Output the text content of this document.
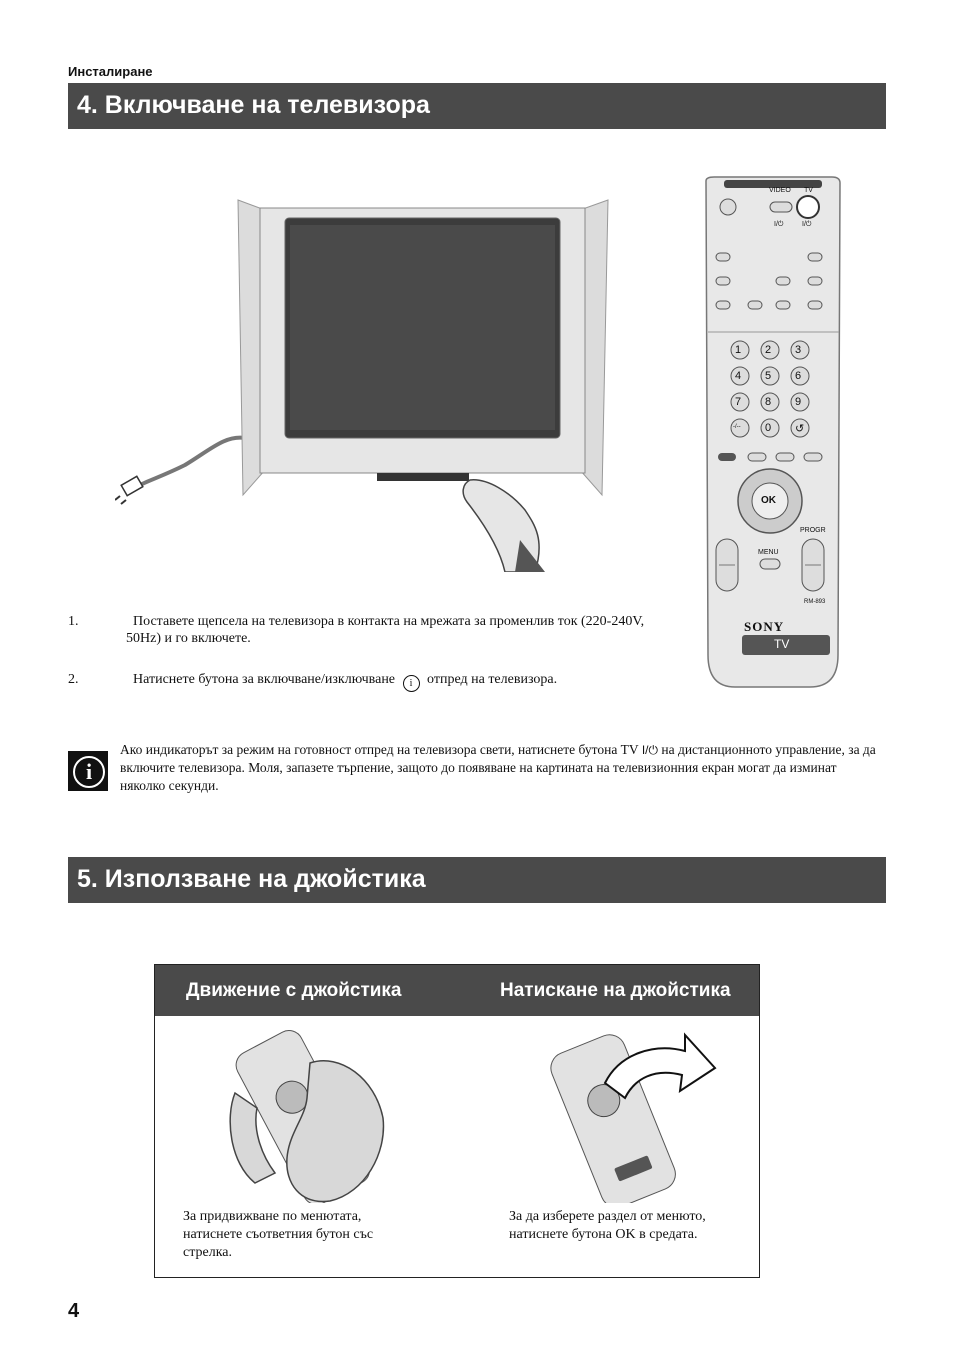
Инсталиране
4. Включване на телевизора
VIDEO TV
I/⏻	I/⏻
1 2 3
4 5 6
7 8 9
-/-- 0 ↺
OK
MENU
PROGR
RM-893
SONY
TV
1.	Поставете щепсела на телевизора в контакта на мрежата за променлив ток (220-240V, 50Hz) и го включете.
2.	Натиснете бутона за включване/изключване i отпред на телевизора.
i
Ако индикаторът за режим на готовност отпред на телевизора свети, натиснете бутона TV I/⏻ на дистанционното управление, за да включите телевизора. Моля, запазете търпение, защото до появяване на картината на телевизионния екран могат да изминат няколко секунди.
5. Използване на джойстика
Движение с джойстика	Натискане на джойстика
За придвижване по менютата, натиснете съответния бутон със стрелка.
За да изберете раздел от менюто, натиснете бутона OK в средата.
4
